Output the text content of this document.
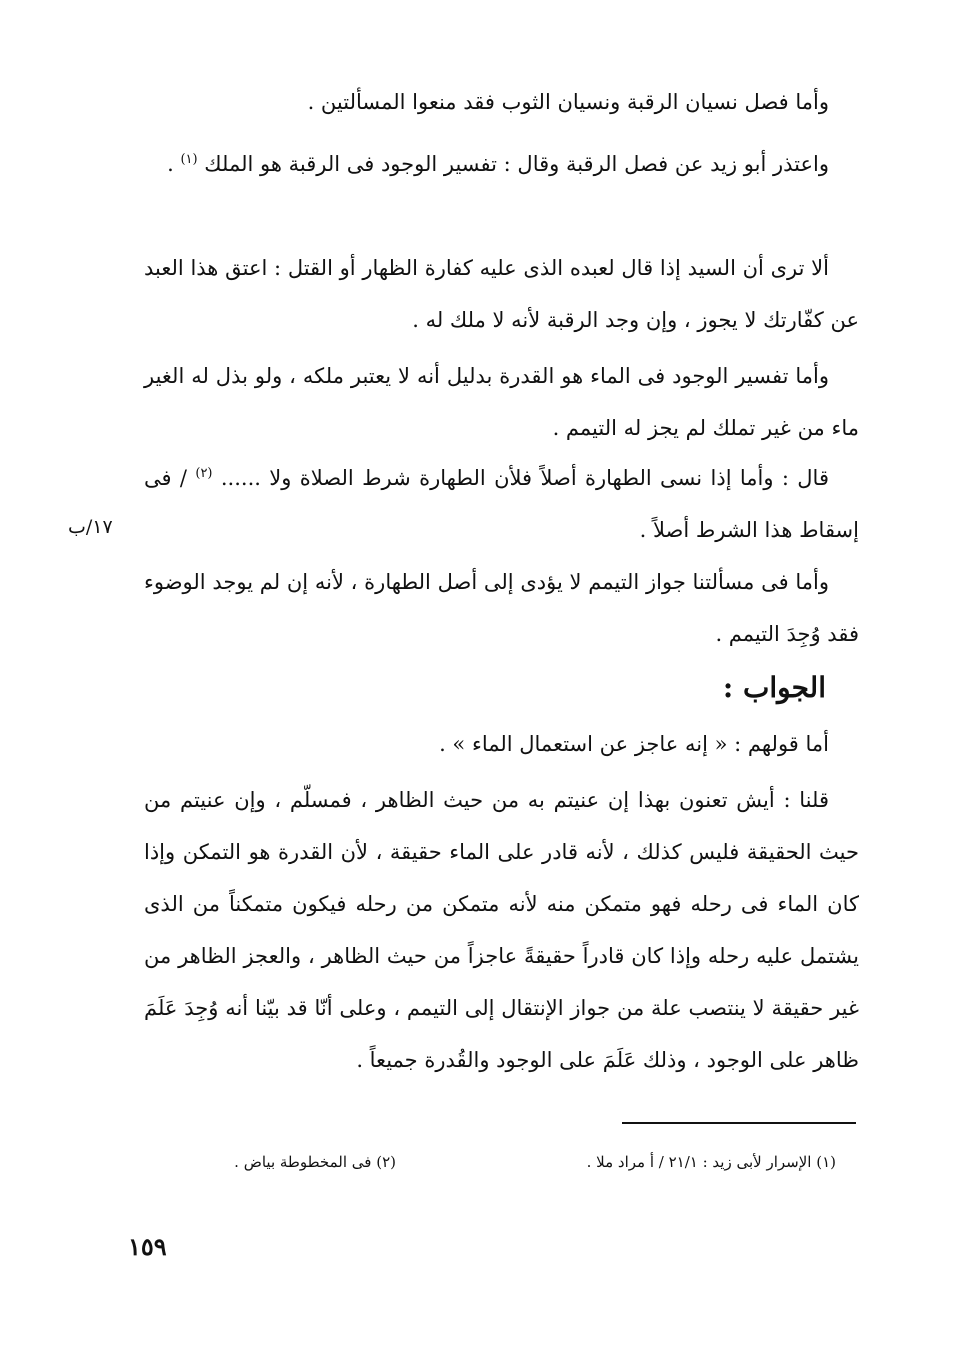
وأما فصل نسيان الرقبة ونسيان الثوب فقد منعوا المسألتين .

واعتذر أبو زيد عن فصل الرقبة وقال : تفسير الوجود فى الرقبة هو الملك $^{(١)}$ .

ألا ترى أن السيد إذا قال لعبده الذى عليه كفارة الظهار أو القتل : اعتق هذا العبد عن كفّارتك لا يجوز ، وإن وجد الرقبة لأنه لا ملك له .

وأما تفسير الوجود فى الماء هو القدرة بدليل أنه لا يعتبر ملكه ، ولو بذل له الغير ماء من غير تملك لم يجز له التيمم .

قال : وأما إذا نسى الطهارة أصلاً فلأن الطهارة شرط الصلاة ولا ...... $^{(٢)}$ / فى إسقاط هذا الشرط أصلاً .

١٧/ب

وأما فى مسألتنا جواز التيمم لا يؤدى إلى أصل الطهارة ، لأنه إن لم يوجد الوضوء فقد وُجِدَ التيمم .

الجواب :

أما قولهم : « إنه عاجز عن استعمال الماء » .

قلنا : أيش تعنون بهذا إن عنيتم به من حيث الظاهر ، فمسلّم ، وإن عنيتم من حيث الحقيقة فليس كذلك ، لأنه قادر على الماء حقيقة ، لأن القدرة هو التمكن وإذا كان الماء فى رحله فهو متمكن منه لأنه متمكن من رحله فيكون متمكناً من الذى يشتمل عليه رحله وإذا كان قادراً حقيقةً عاجزاً من حيث الظاهر ، والعجز الظاهر من غير حقيقة لا ينتصب علة من جواز الإنتقال إلى التيمم ، وعلى أنّا قد بيّنا أنه وُجِدَ عَلَمَ ظاهر على الوجود ، وذلك عَلَمَ على الوجود والقُدرة جميعاً .

(١) الإسرار لأبى زيد : ٢١/١ / أ مراد ملا .
(٢) فى المخطوطة بياض .
١٥٩
